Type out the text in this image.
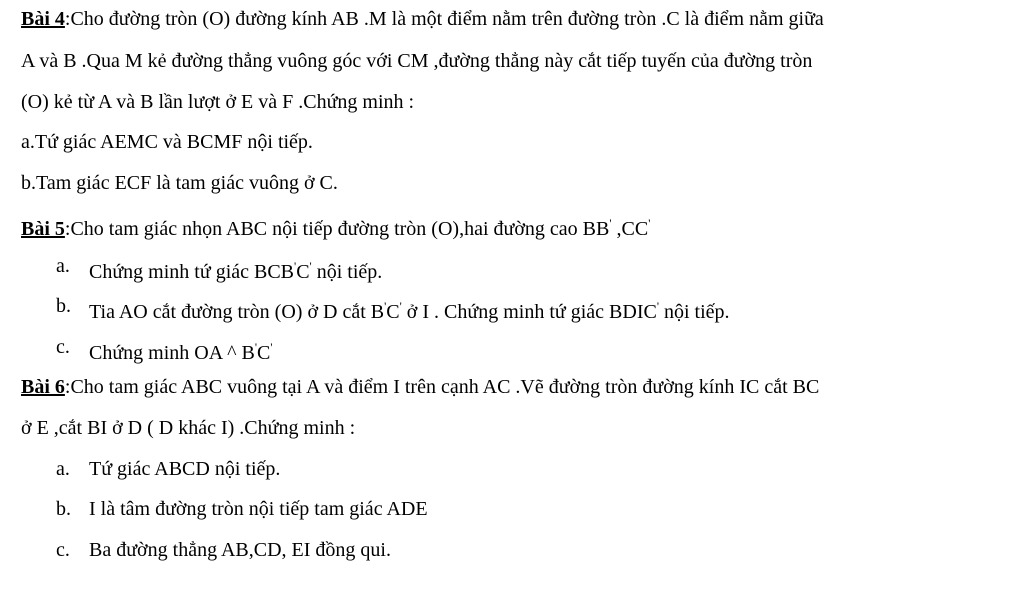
Bài 4:Cho đường tròn (O) đường kính AB .M là một điểm nằm trên đường tròn .C là điểm nằm giữa
A và B .Qua M kẻ đường thẳng vuông góc với CM ,đường thẳng này cắt tiếp tuyến của đường tròn
(O) kẻ từ A và B lần lượt ở E và F .Chứng minh :
a.Tứ giác AEMC và BCMF nội tiếp.
b.Tam giác ECF là tam giác vuông ở C.
Bài 5:Cho tam giác nhọn ABC nội tiếp đường tròn (O),hai đường cao BB' ,CC'
a. Chứng minh tứ giác BCB'C' nội tiếp.
b. Tia AO cắt đường tròn (O) ở D cắt B'C' ở I . Chứng minh tứ giác BDIC' nội tiếp.
c. Chứng minh OA ^ B'C'
Bài 6:Cho tam giác ABC vuông tại A và điểm I trên cạnh AC .Vẽ đường tròn đường kính IC cắt BC
ở E ,cắt BI ở D ( D khác I) .Chứng minh :
a. Tứ giác ABCD nội tiếp.
b. I là tâm đường tròn nội tiếp tam giác ADE
c. Ba đường thẳng AB,CD, EI đồng qui.
